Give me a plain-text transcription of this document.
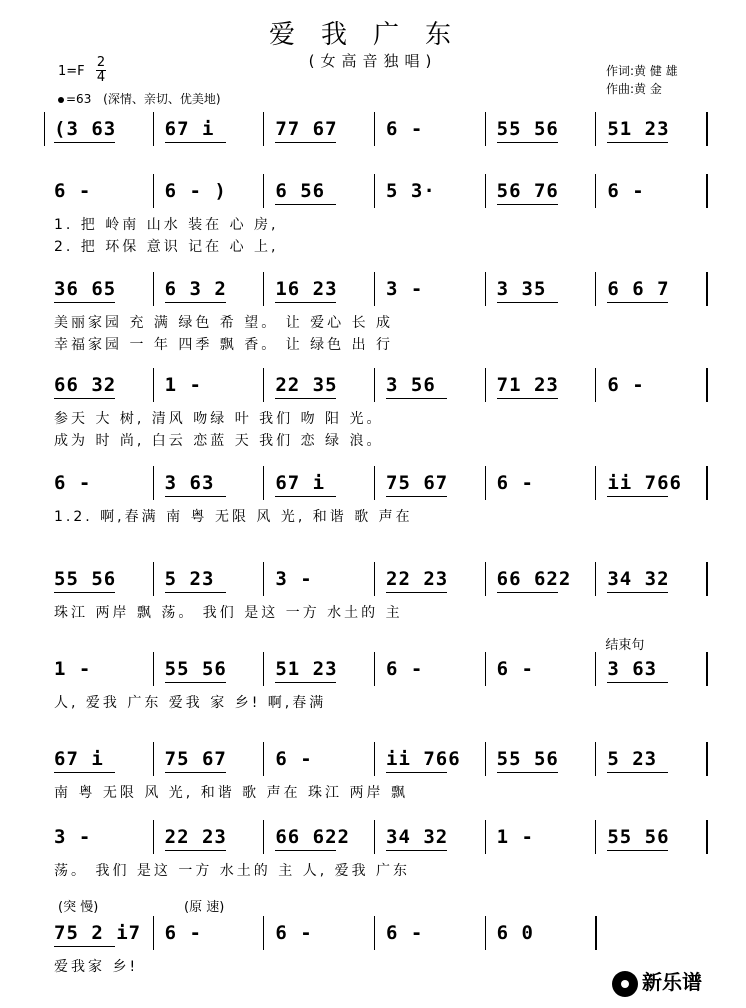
爱我广东
(女高音独唱)
1=F
2
4
=63 (深情、亲切、优美地)
作词:黄 健 雄
作曲:黄 金
(3 63	67 i	77 67	6 -	55 56	51 23
6 -	6 - )	6 56	5 3·	56 76	6 -
1. 把 岭南 山水 装在 心 房,
2. 把 环保 意识 记在 心 上,
36 65	6 3 2	16 23	3 -	3 35	6 6 7
美丽家园 充 满 绿色 希 望。 让 爱心 长 成
幸福家园 一 年 四季 飘 香。 让 绿色 出 行
66 32	1 -	22 35	3 56	71 23	6 -
参天 大 树, 清风 吻绿 叶 我们 吻 阳 光。
成为 时 尚, 白云 恋蓝 天 我们 恋 绿 浪。
6 -	3 63	67 i	75 67	6 -	ii 766
1.2. 啊,春满 南 粤 无限 风 光, 和谐 歌 声在
55 56	5 23	3 -	22 23	66 622 34 32
珠江 两岸 飘 荡。 我们 是这 一方 水土的 主
1 -	55 56	51 23	6 -	6 -	3 63
人, 爱我 广东 爱我 家 乡! 啊,春满
结束句
67 i	75 67	6 -	ii 766 55 56	5 23
南 粤 无限 风 光, 和谐 歌 声在 珠江 两岸 飘
3 -	22 23	66 622 34 32	1 -	55 56
荡。 我们 是这 一方 水土的 主 人, 爱我 广东
75 2 i7 6 -	6 -	6 -	6 0
爱我家 乡!
(突 慢)	(原 速)
新乐谱
